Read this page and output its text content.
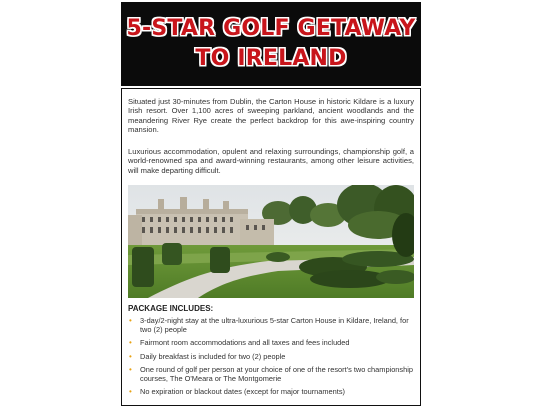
5-STAR GOLF GETAWAY
TO IRELAND

Situated just 30-minutes from Dublin, the Carton House in historic Kildare is a luxury Irish resort. Over 1,100 acres of sweeping parkland, ancient woodlands and the meandering River Rye create the perfect backdrop for this awe-inspiring country mansion.

Luxurious accommodation, opulent and relaxing surroundings, championship golf, a world-renowned spa and award-winning restaurants, among other leisure activities, will make departing difficult.

PACKAGE INCLUDES:

• 3-day/2-night stay at the ultra-luxurious 5-star Carton House in Kildare, Ireland, for two (2) people
• Fairmont room accommodations and all taxes and fees included
• Daily breakfast is included for two (2) people
• One round of golf per person at your choice of one of the resort's two championship courses, The O'Meara or The Montgomerie
• No expiration or blackout dates (except for major tournaments)
